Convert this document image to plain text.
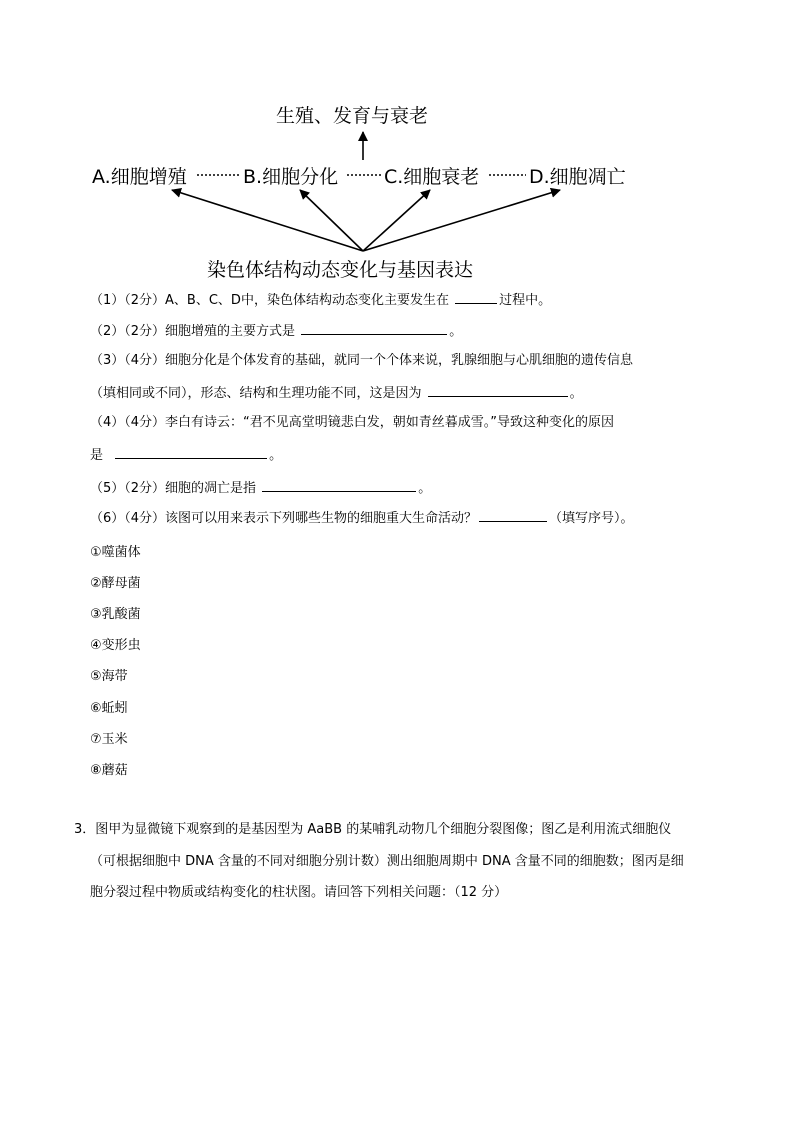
生殖、发育与衰老
A.细胞增殖	B.细胞分化 C.细胞衰老	D.细胞凋亡
染色体结构动态变化与基因表达
（1）（2分）A、B、C、D中，染色体结构动态变化主要发生在	过程中。
（2）（2分）细胞增殖的主要方式是	。
（3）（4分）细胞分化是个体发育的基础，就同一个个体来说，乳腺细胞与心肌细胞的遗传信息
（填相同或不同），形态、结构和生理功能不同，这是因为	。
（4）（4分）李白有诗云：“君不见高堂明镜悲白发，朝如青丝暮成雪。”导致这种变化的原因
是	。
（5）（2分）细胞的凋亡是指	。
（6）（4分）该图可以用来表示下列哪些生物的细胞重大生命活动？	（填写序号）。
①噬菌体
②酵母菌
③乳酸菌
④变形虫
⑤海带
⑥蚯蚓
⑦玉米
⑧蘑菇
3．图甲为显微镜下观察到的是基因型为 AaBB 的某哺乳动物几个细胞分裂图像；图乙是利用流式细胞仪
（可根据细胞中 DNA 含量的不同对细胞分别计数）测出细胞周期中 DNA 含量不同的细胞数；图丙是细
胞分裂过程中物质或结构变化的柱状图。请回答下列相关问题：（12 分）
